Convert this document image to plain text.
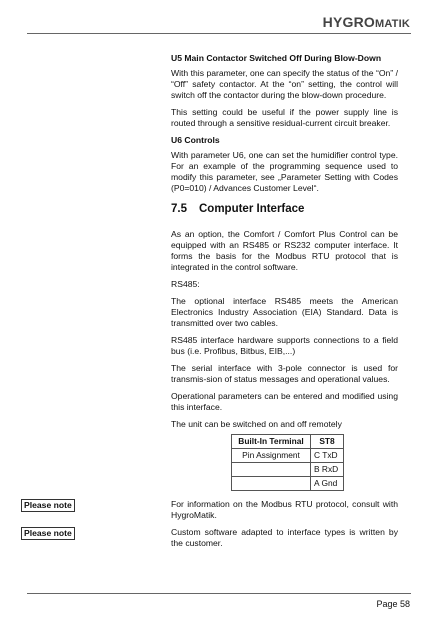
HYGROMATIK
U5 Main Contactor Switched Off During Blow-Down

With this parameter, one can specify the status of the “On” / “Off” safety contactor. At the “on” setting, the control will switch off the contactor during the blow-down procedure.

This setting could be useful if the power supply line is routed through a sensitive residual-current circuit breaker.

U6 Controls

With parameter U6, one can set the humidifier control type. For an example of the programming sequence used to modify this parameter, see „Parameter Setting with Codes (P0=010) / Advances Customer Level“.

7.5 Computer Interface

As an option, the Comfort / Comfort Plus Control can be equipped with an RS485 or RS232 computer interface. It forms the basis for the Modbus RTU protocol that is integrated in the control software.

RS485:

The optional interface RS485 meets the American Electronics Industry Association (EIA) Standard. Data is transmitted over two cables.

RS485 interface hardware supports connections to a field bus (i.e. Profibus, Bitbus, EIB,...)

The serial interface with 3-pole connector is used for transmis-sion of status messages and operational values.

Operational parameters can be entered and modified using this interface.

The unit can be switched on and off remotely

Built-In Terminal	ST8
Pin Assignment	C TxD
	B RxD
	A Gnd
Please note	For information on the Modbus RTU protocol, consult with HygroMatik.

Please note	Custom software adapted to interface types is written by the customer.

Page 58
